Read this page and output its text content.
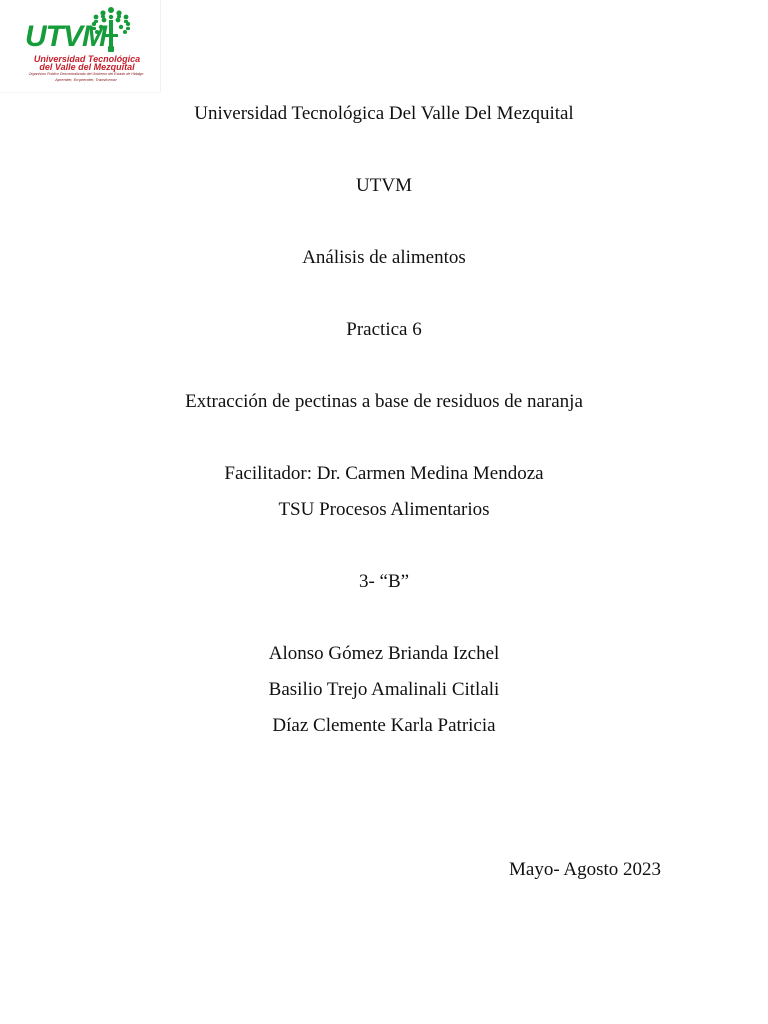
UTVM
Universidad Tecnológica
del Valle del Mezquital
Organismo Público Descentralizado del Gobierno del Estado de Hidalgo
Aprender, Emprender, Transformar
Universidad Tecnológica Del Valle Del Mezquital
UTVM
Análisis de alimentos
Practica 6
Extracción de pectinas a base de residuos de naranja
Facilitador: Dr. Carmen Medina Mendoza
TSU Procesos Alimentarios
3- “B”
Alonso Gómez Brianda Izchel
Basilio Trejo Amalinali Citlali
Díaz Clemente Karla Patricia
Mayo- Agosto 2023
